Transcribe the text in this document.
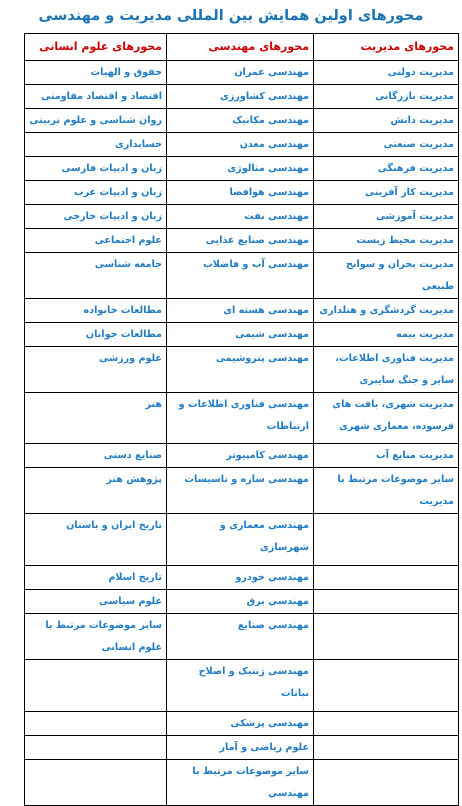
محورهای اولین همایش بین المللی مدیریت و مهندسی
محورهای مدیریت	محورهای مهندسی	محورهای علوم انسانی
مدیریت دولتی	مهندسی عمران	حقوق و الهیات
مدیریت بازرگانی	مهندسی کشاورزی	اقتصاد و اقتصاد مقاومتی
مدیریت دانش	مهندسی مکانیک	روان شناسی و علوم تربیتی
مدیریت صنعتی	مهندسی معدن	حسابداری
مدیریت فرهنگی	مهندسی متالوژی	زبان و ادبیات فارسی
مدیریت کار آفرینی	مهندسی هوافضا	زبان و ادبیات عرب
مدیریت آموزشی	مهندسی نفت	زبان و ادبیات خارجی
مدیریت محیط زیست	مهندسی صنایع غذایی	علوم اجتماعی
مدیریت بحران و سوانح طبیعی	مهندسی آب و فاضلاب	جامعه شناسی
مدیریت گردشگری و هتلداری	مهندسی هسته ای	مطالعات خانواده
مدیریت بیمه	مهندسی شیمی	مطالعات جوانان
مدیریت فناوری اطلاعات، سایر و جنگ سایبری	مهندسی پتروشیمی	علوم ورزشی
مدیریت شهری، بافت های فرسوده، معماری شهری	مهندسی فناوری اطلاعات و ارتباطات	هنر
مدیریت منابع آب	مهندسی کامپیوتر	صنایع دستی
سایر موضوعات مرتبط با مدیریت	مهندسی سازه و تاسیسات	پژوهش هنر
	مهندسی معماری و شهرسازی	تاریخ ایران و باستان
	مهندسی خودرو	تاریخ اسلام
	مهندسی برق	علوم سیاسی
	مهندسی صنایع	سایر موضوعات مرتبط با علوم انسانی
	مهندسی ژنتیک و اصلاح نباتات	
	مهندسی پزشکی	
	علوم ریاضی و آمار	
	سایر موضوعات مرتبط با مهندسی	
